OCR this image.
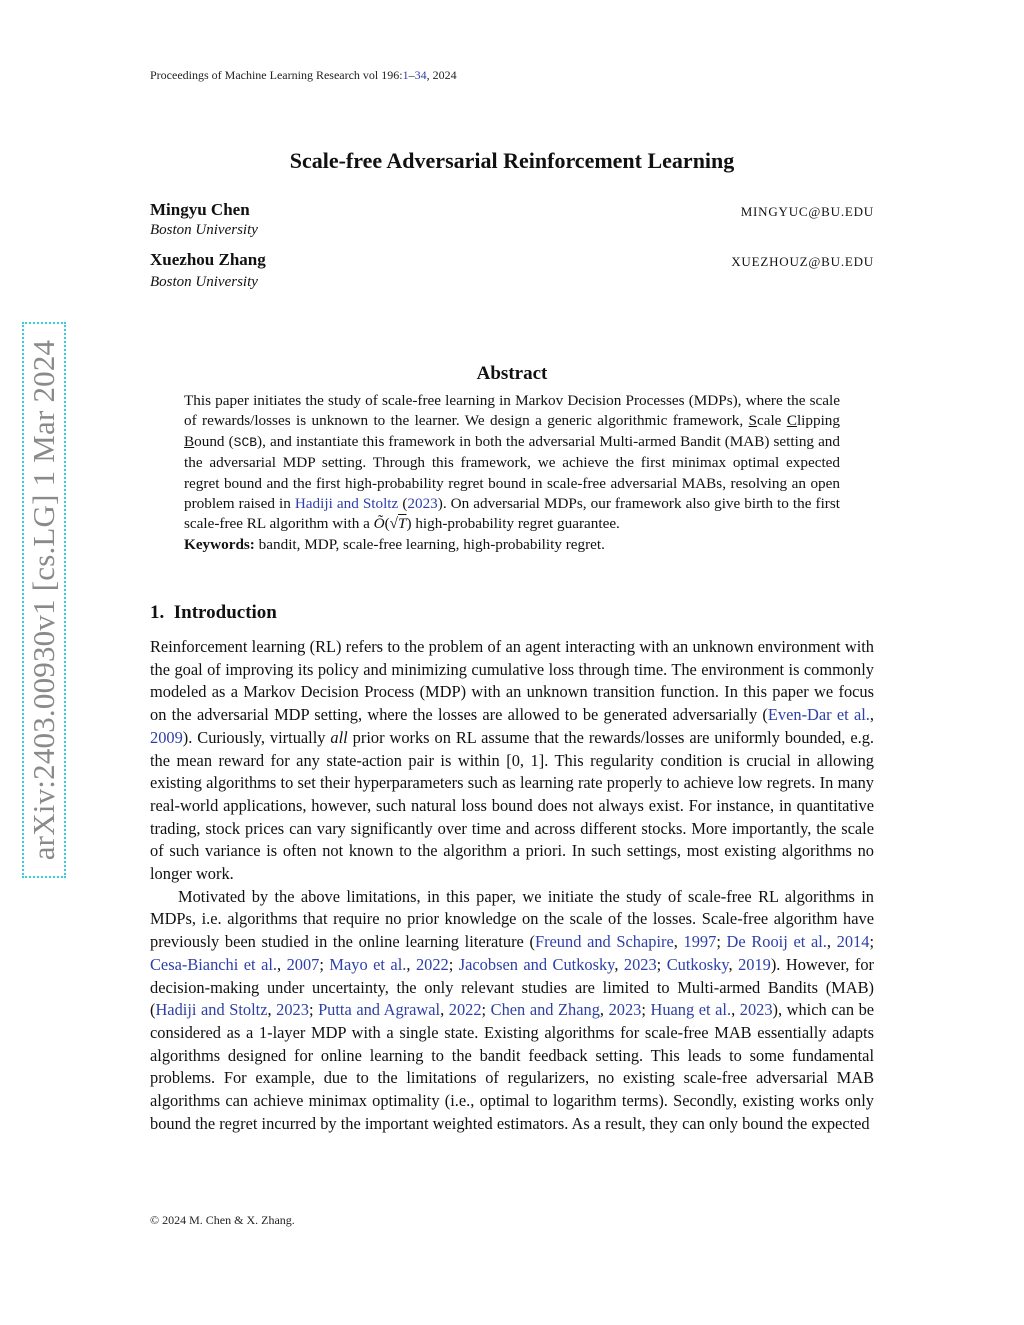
arXiv:2403.00930v1 [cs.LG] 1 Mar 2024
Proceedings of Machine Learning Research vol 196:1–34, 2024
Scale-free Adversarial Reinforcement Learning
Mingyu Chen
Boston University
MINGYUC@BU.EDU
Xuezhou Zhang
Boston University
XUEZHOUZ@BU.EDU
Abstract
This paper initiates the study of scale-free learning in Markov Decision Processes (MDPs), where the scale of rewards/losses is unknown to the learner. We design a generic algorithmic framework, Scale Clipping Bound (SCB), and instantiate this framework in both the adversarial Multi-armed Bandit (MAB) setting and the adversarial MDP setting. Through this framework, we achieve the first minimax optimal expected regret bound and the first high-probability regret bound in scale-free adversarial MABs, resolving an open problem raised in Hadiji and Stoltz (2023). On adversarial MDPs, our framework also give birth to the first scale-free RL algorithm with a Õ(√T) high-probability regret guarantee.
Keywords: bandit, MDP, scale-free learning, high-probability regret.
1. Introduction

Reinforcement learning (RL) refers to the problem of an agent interacting with an unknown environment with the goal of improving its policy and minimizing cumulative loss through time. The environment is commonly modeled as a Markov Decision Process (MDP) with an unknown transition function. In this paper we focus on the adversarial MDP setting, where the losses are allowed to be generated adversarially (Even-Dar et al., 2009). Curiously, virtually all prior works on RL assume that the rewards/losses are uniformly bounded, e.g. the mean reward for any state-action pair is within [0, 1]. This regularity condition is crucial in allowing existing algorithms to set their hyperparameters such as learning rate properly to achieve low regrets. In many real-world applications, however, such natural loss bound does not always exist. For instance, in quantitative trading, stock prices can vary significantly over time and across different stocks. More importantly, the scale of such variance is often not known to the algorithm a priori. In such settings, most existing algorithms no longer work.

Motivated by the above limitations, in this paper, we initiate the study of scale-free RL algorithms in MDPs, i.e. algorithms that require no prior knowledge on the scale of the losses. Scale-free algorithm have previously been studied in the online learning literature (Freund and Schapire, 1997; De Rooij et al., 2014; Cesa-Bianchi et al., 2007; Mayo et al., 2022; Jacobsen and Cutkosky, 2023; Cutkosky, 2019). However, for decision-making under uncertainty, the only relevant studies are limited to Multi-armed Bandits (MAB) (Hadiji and Stoltz, 2023; Putta and Agrawal, 2022; Chen and Zhang, 2023; Huang et al., 2023), which can be considered as a 1-layer MDP with a single state. Existing algorithms for scale-free MAB essentially adapts algorithms designed for online learning to the bandit feedback setting. This leads to some fundamental problems. For example, due to the limitations of regularizers, no existing scale-free adversarial MAB algorithms can achieve minimax optimality (i.e., optimal to logarithm terms). Secondly, existing works only bound the regret incurred by the important weighted estimators. As a result, they can only bound the expected

© 2024 M. Chen & X. Zhang.
